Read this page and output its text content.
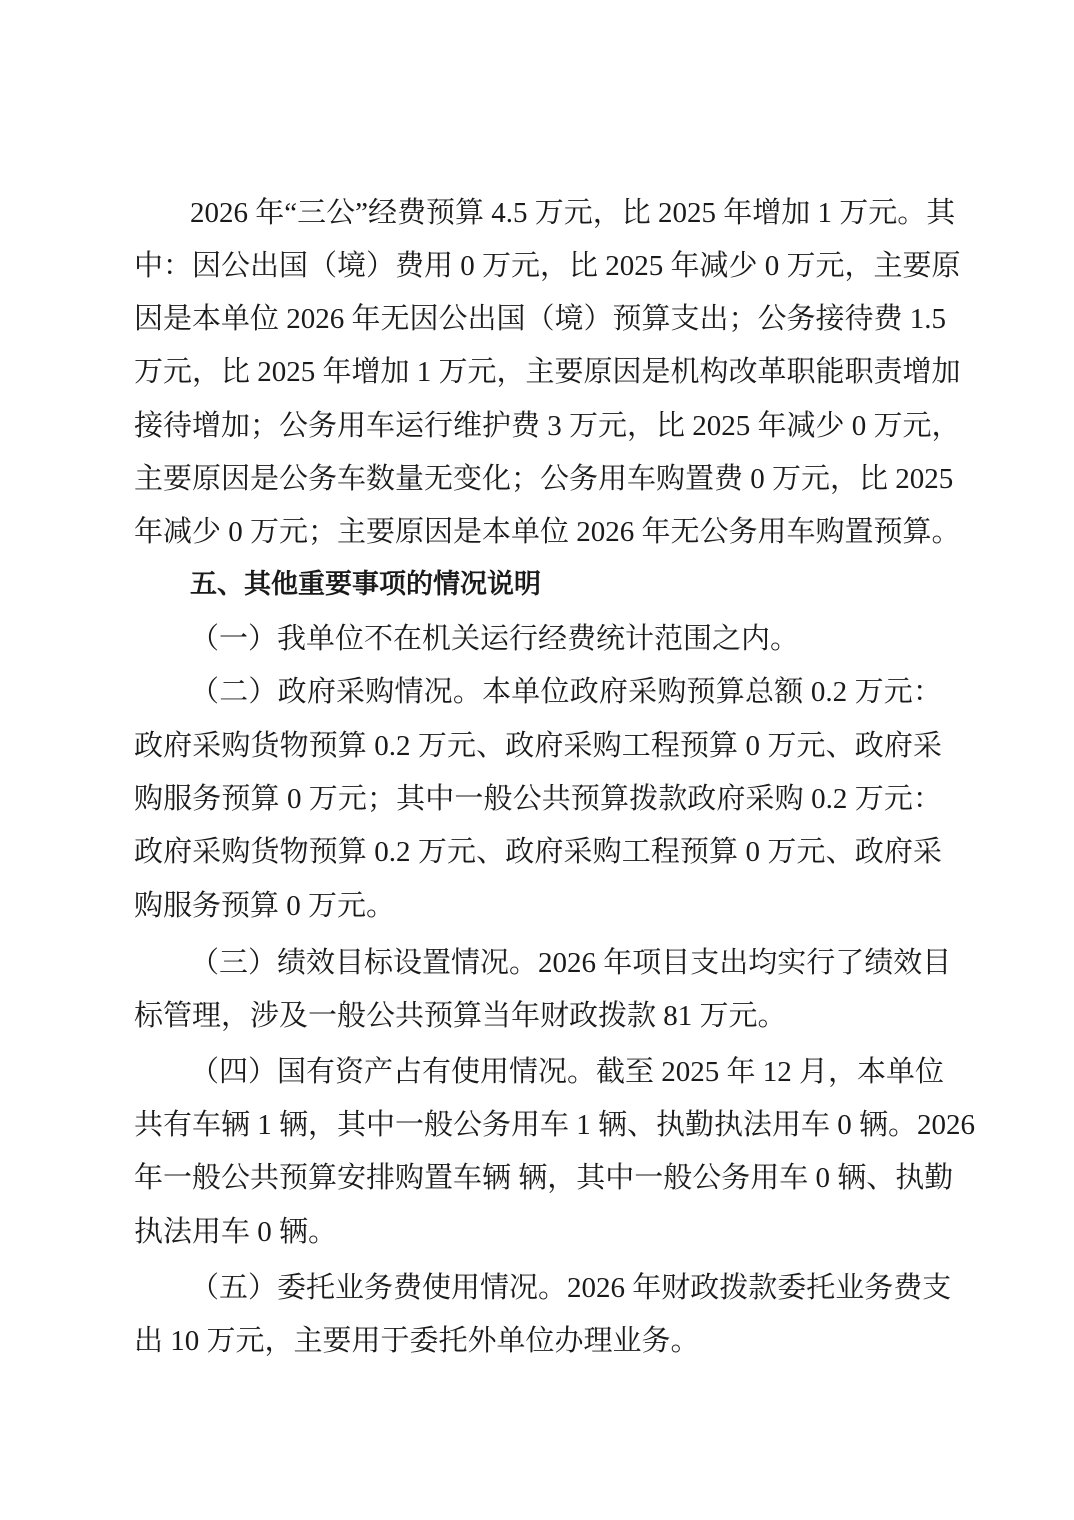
2026 年“三公”经费预算 4.5 万元，比 2025 年增加 1 万元。其

中：因公出国（境）费用 0 万元，比 2025 年减少 0 万元，主要原

因是本单位 2026 年无因公出国（境）预算支出；公务接待费 1.5

万元，比 2025 年增加 1 万元，主要原因是机构改革职能职责增加

接待增加；公务用车运行维护费 3 万元，比 2025 年减少 0 万元，

主要原因是公务车数量无变化；公务用车购置费 0 万元，比 2025

年减少 0 万元；主要原因是本单位 2026 年无公务用车购置预算。

五、其他重要事项的情况说明

（一）我单位不在机关运行经费统计范围之内。

（二）政府采购情况。本单位政府采购预算总额 0.2 万元：

政府采购货物预算 0.2 万元、政府采购工程预算 0 万元、政府采

购服务预算 0 万元；其中一般公共预算拨款政府采购 0.2 万元：

政府采购货物预算 0.2 万元、政府采购工程预算 0 万元、政府采

购服务预算 0 万元。

（三）绩效目标设置情况。2026 年项目支出均实行了绩效目

标管理，涉及一般公共预算当年财政拨款 81 万元。

（四）国有资产占有使用情况。截至 2025 年 12 月，本单位

共有车辆 1 辆，其中一般公务用车 1 辆、执勤执法用车 0 辆。2026

年一般公共预算安排购置车辆 辆，其中一般公务用车 0 辆、执勤

执法用车 0 辆。

（五）委托业务费使用情况。2026 年财政拨款委托业务费支

出 10 万元，主要用于委托外单位办理业务。
